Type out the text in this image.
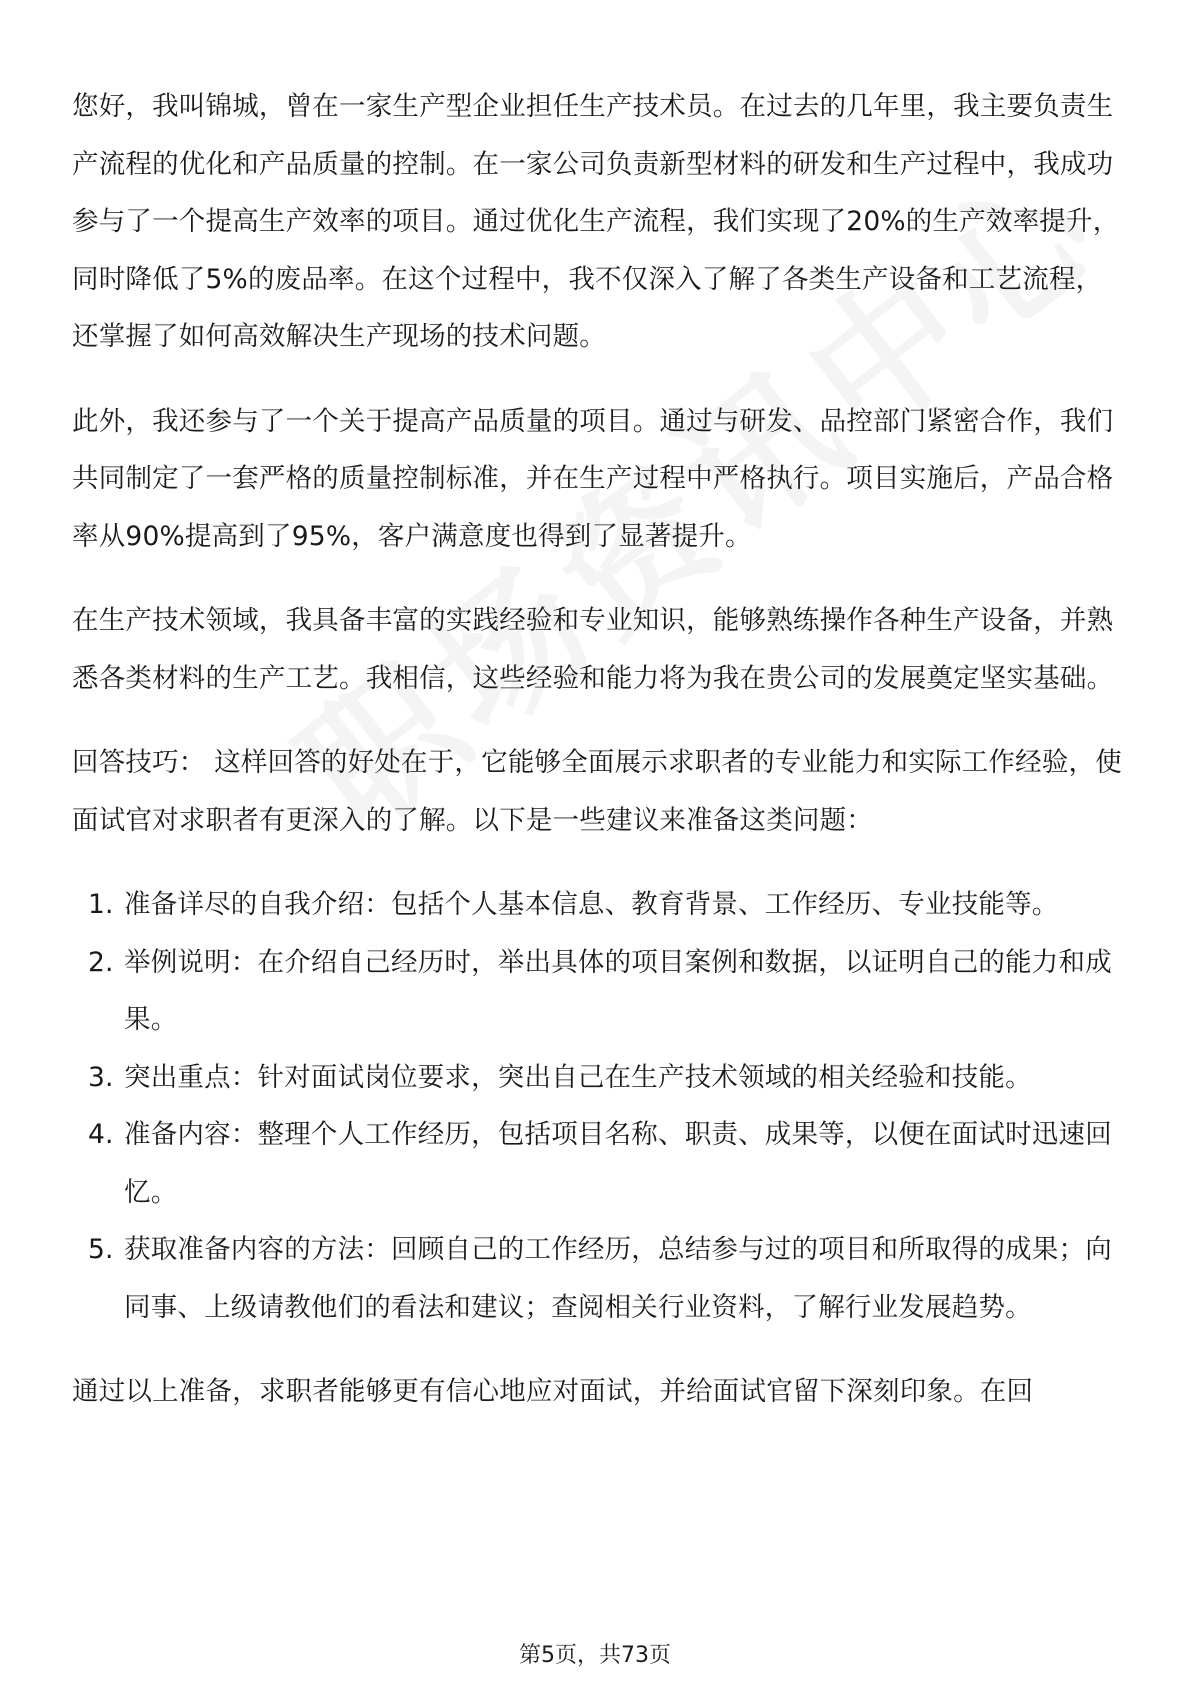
您好，我叫锦城，曾在一家生产型企业担任生产技术员。在过去的几年里，我主要负责生产流程的优化和产品质量的控制。在一家公司负责新型材料的研发和生产过程中，我成功参与了一个提高生产效率的项目。通过优化生产流程，我们实现了20%的生产效率提升，同时降低了5%的废品率。在这个过程中，我不仅深入了解了各类生产设备和工艺流程，还掌握了如何高效解决生产现场的技术问题。

此外，我还参与了一个关于提高产品质量的项目。通过与研发、品控部门紧密合作，我们共同制定了一套严格的质量控制标准，并在生产过程中严格执行。项目实施后，产品合格率从90%提高到了95%，客户满意度也得到了显著提升。

在生产技术领域，我具备丰富的实践经验和专业知识，能够熟练操作各种生产设备，并熟悉各类材料的生产工艺。我相信，这些经验和能力将为我在贵公司的发展奠定坚实基础。

回答技巧： 这样回答的好处在于，它能够全面展示求职者的专业能力和实际工作经验，使面试官对求职者有更深入的了解。以下是一些建议来准备这类问题：

1. 准备详尽的自我介绍：包括个人基本信息、教育背景、工作经历、专业技能等。
2. 举例说明：在介绍自己经历时，举出具体的项目案例和数据，以证明自己的能力和成果。
3. 突出重点：针对面试岗位要求，突出自己在生产技术领域的相关经验和技能。
4. 准备内容：整理个人工作经历，包括项目名称、职责、成果等，以便在面试时迅速回忆。
5. 获取准备内容的方法：回顾自己的工作经历，总结参与过的项目和所取得的成果；向同事、上级请教他们的看法和建议；查阅相关行业资料，了解行业发展趋势。

通过以上准备，求职者能够更有信心地应对面试，并给面试官留下深刻印象。在回

第5页，共73页
